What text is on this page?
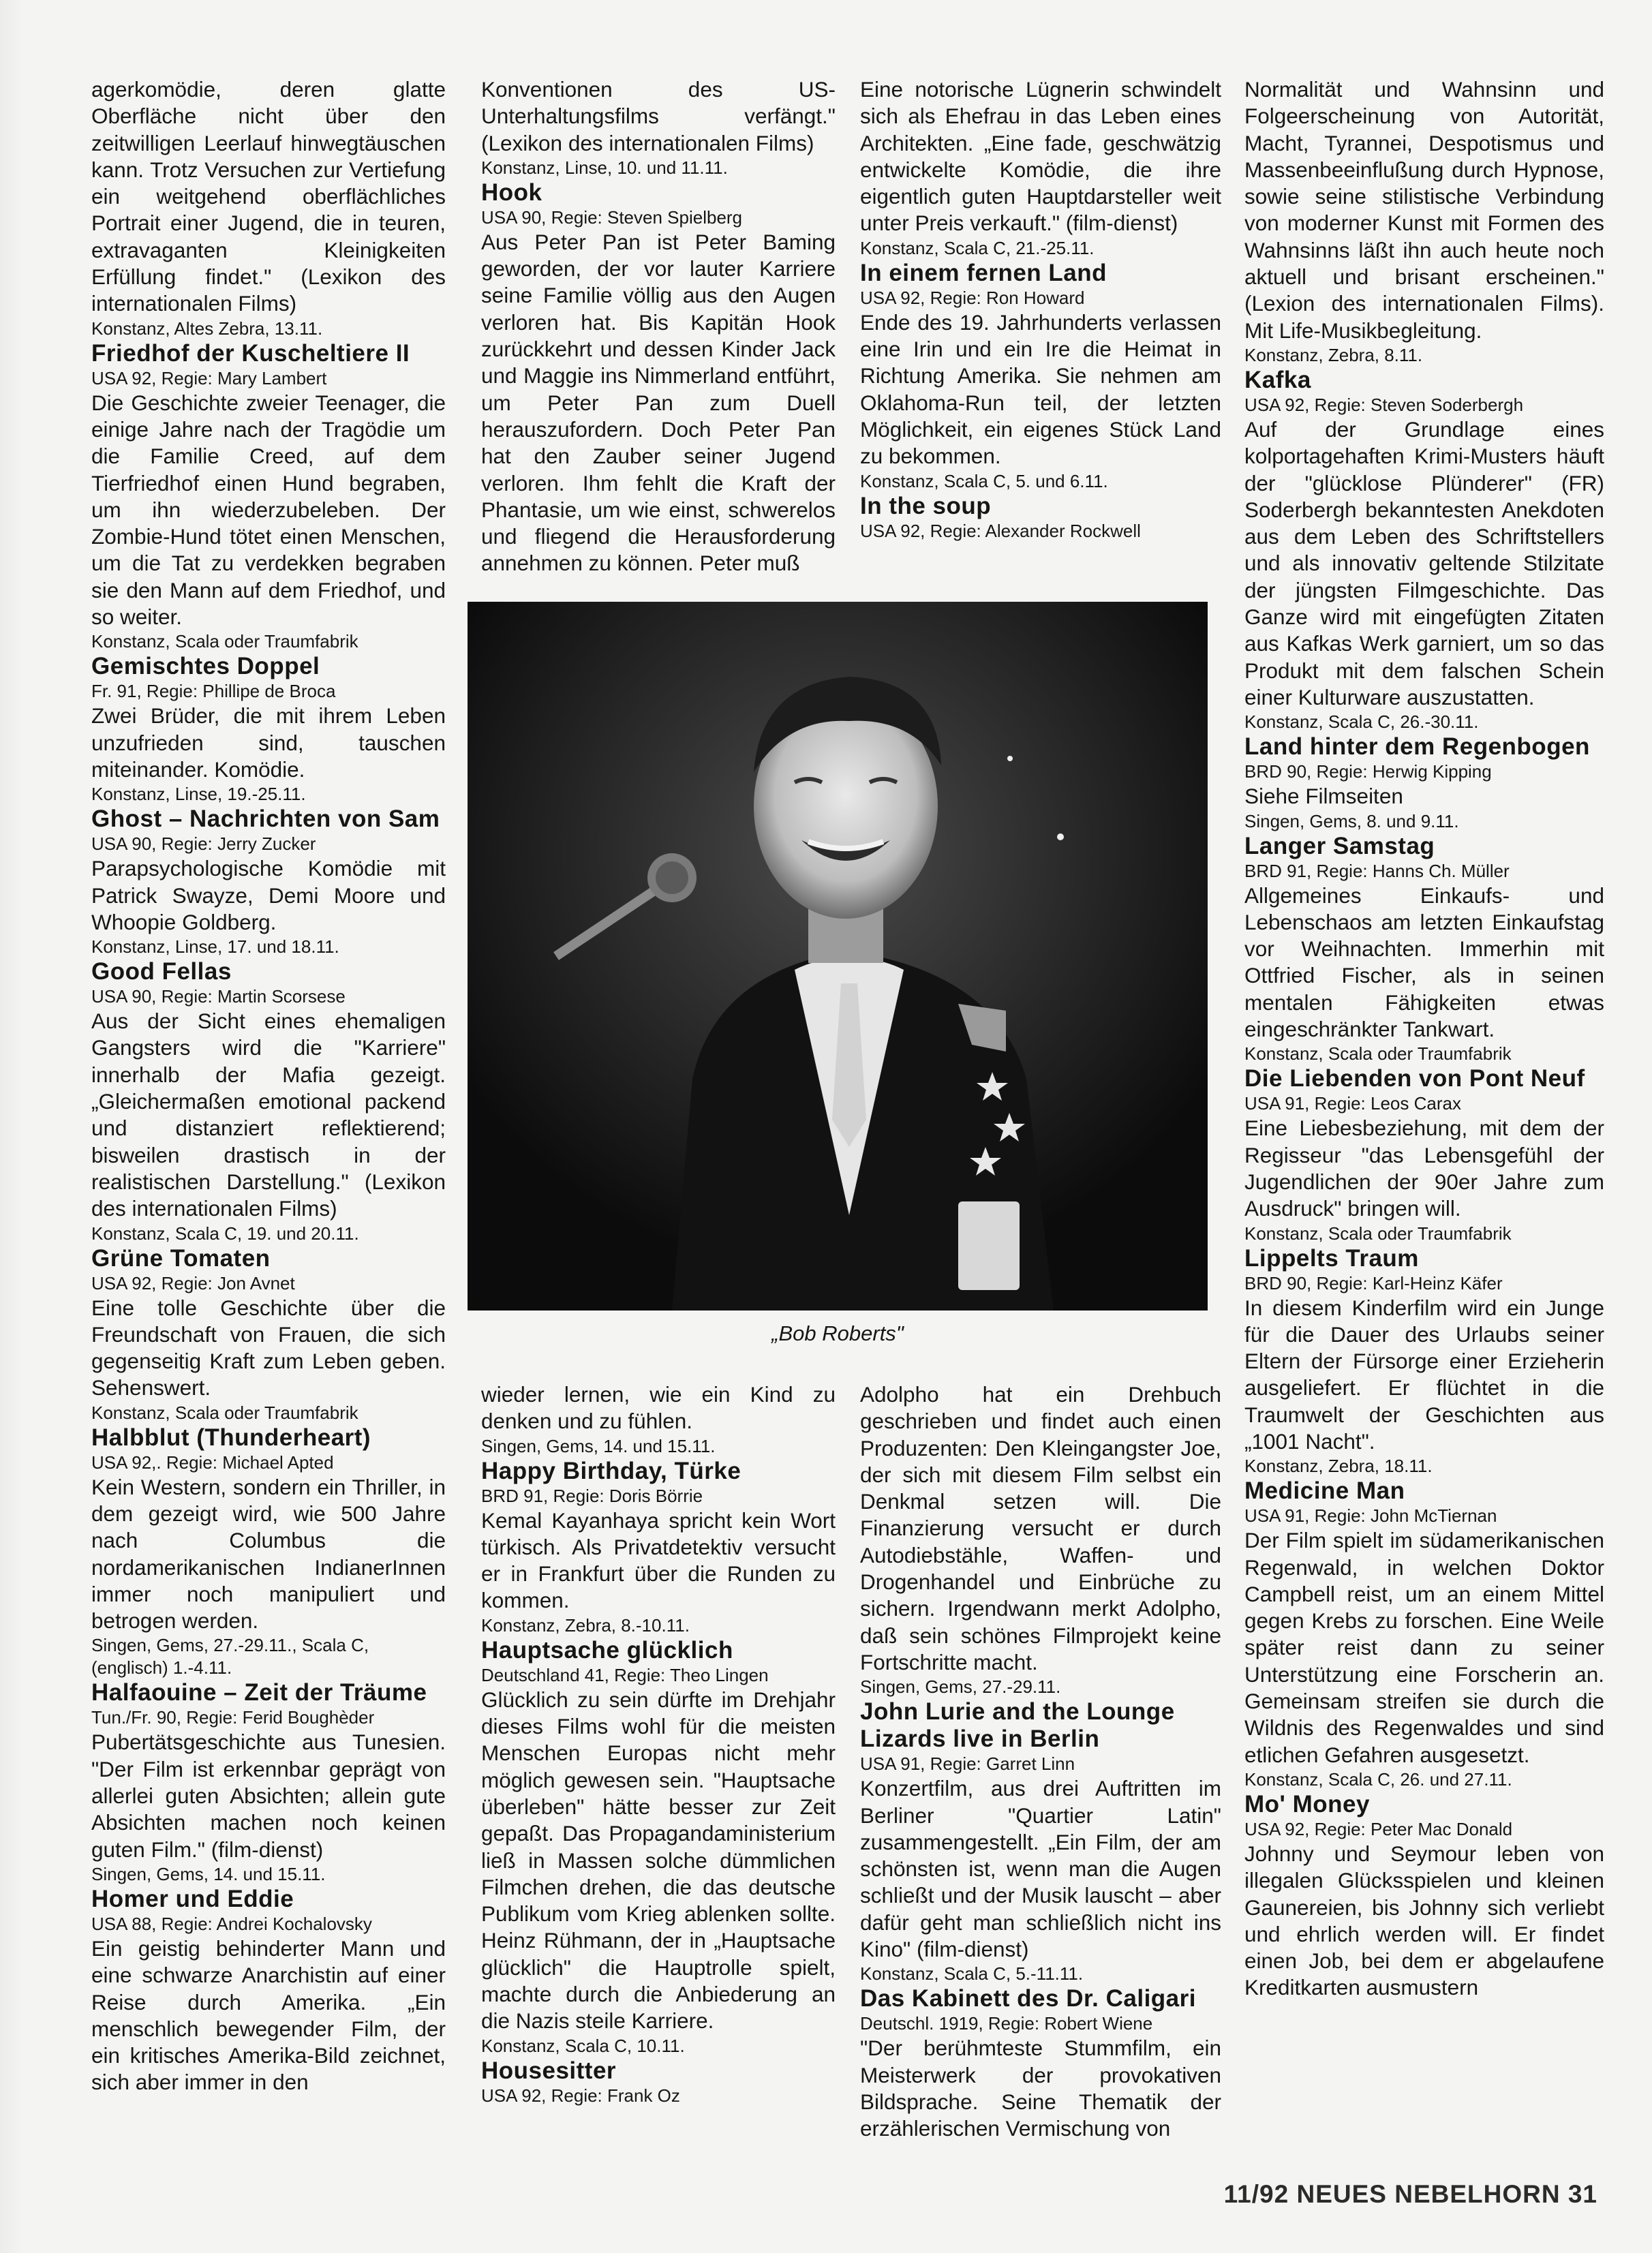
agerkomödie, deren glatte Oberfläche nicht über den zeitwilligen Leerlauf hinwegtäuschen kann. Trotz Versuchen zur Vertiefung ein weitgehend oberflächliches Portrait einer Jugend, die in teuren, extravaganten Kleinigkeiten Erfüllung findet." (Lexikon des internationalen Films)

Konstanz, Altes Zebra, 13.11.
Friedhof der Kuscheltiere II
USA 92, Regie: Mary Lambert

Die Geschichte zweier Teenager, die einige Jahre nach der Tragödie um die Familie Creed, auf dem Tierfriedhof einen Hund begraben, um ihn wiederzubeleben. Der Zombie-Hund tötet einen Menschen, um die Tat zu verdekken begraben sie den Mann auf dem Friedhof, und so weiter.

Konstanz, Scala oder Traumfabrik
Gemischtes Doppel
Fr. 91, Regie: Phillipe de Broca

Zwei Brüder, die mit ihrem Leben unzufrieden sind, tauschen miteinander. Komödie.

Konstanz, Linse, 19.-25.11.
Ghost – Nachrichten von Sam
USA 90, Regie: Jerry Zucker

Parapsychologische Komödie mit Patrick Swayze, Demi Moore und Whoopie Goldberg.

Konstanz, Linse, 17. und 18.11.
Good Fellas
USA 90, Regie: Martin Scorsese

Aus der Sicht eines ehemaligen Gangsters wird die "Karriere" innerhalb der Mafia gezeigt. „Gleichermaßen emotional packend und distanziert reflektierend; bisweilen drastisch in der realistischen Darstellung." (Lexikon des internationalen Films)

Konstanz, Scala C, 19. und 20.11.
Grüne Tomaten
USA 92, Regie: Jon Avnet

Eine tolle Geschichte über die Freundschaft von Frauen, die sich gegenseitig Kraft zum Leben geben. Sehenswert.

Konstanz, Scala oder Traumfabrik
Halbblut (Thunderheart)
USA 92,. Regie: Michael Apted

Kein Western, sondern ein Thriller, in dem gezeigt wird, wie 500 Jahre nach Columbus die nordamerikanischen IndianerInnen immer noch manipuliert und betrogen werden.

Singen, Gems, 27.-29.11., Scala C, (englisch) 1.-4.11.
Halfaouine – Zeit der Träume
Tun./Fr. 90, Regie: Ferid Boughèder

Pubertätsgeschichte aus Tunesien. "Der Film ist erkennbar geprägt von allerlei guten Absichten; allein gute Absichten machen noch keinen guten Film." (film-dienst)

Singen, Gems, 14. und 15.11.
Homer und Eddie
USA 88, Regie: Andrei Kochalovsky

Ein geistig behinderter Mann und eine schwarze Anarchistin auf einer Reise durch Amerika. „Ein menschlich bewegender Film, der ein kritisches Amerika-Bild zeichnet, sich aber immer in den

Konventionen des US-Unterhaltungsfilms verfängt." (Lexikon des internationalen Films)

Konstanz, Linse, 10. und 11.11.
Hook
USA 90, Regie: Steven Spielberg

Aus Peter Pan ist Peter Baming geworden, der vor lauter Karriere seine Familie völlig aus den Augen verloren hat. Bis Kapitän Hook zurückkehrt und dessen Kinder Jack und Maggie ins Nimmerland entführt, um Peter Pan zum Duell herauszufordern. Doch Peter Pan hat den Zauber seiner Jugend verloren. Ihm fehlt die Kraft der Phantasie, um wie einst, schwerelos und fliegend die Herausforderung annehmen zu können. Peter muß

Eine notorische Lügnerin schwindelt sich als Ehefrau in das Leben eines Architekten. „Eine fade, geschwätzig entwickelte Komödie, die ihre eigentlich guten Hauptdarsteller weit unter Preis verkauft." (film-dienst)

Konstanz, Scala C, 21.-25.11.
In einem fernen Land
USA 92, Regie: Ron Howard

Ende des 19. Jahrhunderts verlassen eine Irin und ein Ire die Heimat in Richtung Amerika. Sie nehmen am Oklahoma-Run teil, der letzten Möglichkeit, ein eigenes Stück Land zu bekommen.

Konstanz, Scala C, 5. und 6.11.
In the soup
USA 92, Regie: Alexander Rockwell

Normalität und Wahnsinn und Folgeerscheinung von Autorität, Macht, Tyrannei, Despotismus und Massenbeeinflußung durch Hypnose, sowie seine stilistische Verbindung von moderner Kunst mit Formen des Wahnsinns läßt ihn auch heute noch aktuell und brisant erscheinen." (Lexion des internationalen Films). Mit Life-Musikbegleitung.

Konstanz, Zebra, 8.11.
Kafka
USA 92, Regie: Steven Soderbergh

Auf der Grundlage eines kolportagehaften Krimi-Musters häuft der "glücklose Plünderer" (FR) Soderbergh bekanntesten Anekdoten aus dem Leben des Schriftstellers und als innovativ geltende Stilzitate der jüngsten Filmgeschichte. Das Ganze wird mit eingefügten Zitaten aus Kafkas Werk garniert, um so das Produkt mit dem falschen Schein einer Kulturware auszustatten.

Konstanz, Scala C, 26.-30.11.
Land hinter dem Regenbogen
BRD 90, Regie: Herwig Kipping

Siehe Filmseiten

Singen, Gems, 8. und 9.11.
Langer Samstag
BRD 91, Regie: Hanns Ch. Müller

Allgemeines Einkaufs- und Lebenschaos am letzten Einkaufstag vor Weihnachten. Immerhin mit Ottfried Fischer, als in seinen mentalen Fähigkeiten etwas eingeschränkter Tankwart.

Konstanz, Scala oder Traumfabrik
Die Liebenden von Pont Neuf
USA 91, Regie: Leos Carax

Eine Liebesbeziehung, mit dem der Regisseur "das Lebensgefühl der Jugendlichen der 90er Jahre zum Ausdruck" bringen will.

Konstanz, Scala oder Traumfabrik
Lippelts Traum
BRD 90, Regie: Karl-Heinz Käfer

In diesem Kinderfilm wird ein Junge für die Dauer des Urlaubs seiner Eltern der Fürsorge einer Erzieherin ausgeliefert. Er flüchtet in die Traumwelt der Geschichten aus „1001 Nacht".

Konstanz, Zebra, 18.11.
Medicine Man
USA 91, Regie: John McTiernan

Der Film spielt im südamerikanischen Regenwald, in welchen Doktor Campbell reist, um an einem Mittel gegen Krebs zu forschen. Eine Weile später reist dann zu seiner Unterstützung eine Forscherin an. Gemeinsam streifen sie durch die Wildnis des Regenwaldes und sind etlichen Gefahren ausgesetzt.

Konstanz, Scala C, 26. und 27.11.
Mo' Money
USA 92, Regie: Peter Mac Donald

Johnny und Seymour leben von illegalen Glücksspielen und kleinen Gaunereien, bis Johnny sich verliebt und ehrlich werden will. Er findet einen Job, bei dem er abgelaufene Kreditkarten ausmustern

„Bob Roberts"

wieder lernen, wie ein Kind zu denken und zu fühlen.

Singen, Gems, 14. und 15.11.
Happy Birthday, Türke
BRD 91, Regie: Doris Börrie

Kemal Kayanhaya spricht kein Wort türkisch. Als Privatdetektiv versucht er in Frankfurt über die Runden zu kommen.

Konstanz, Zebra, 8.-10.11.
Hauptsache glücklich
Deutschland 41, Regie: Theo Lingen

Glücklich zu sein dürfte im Drehjahr dieses Films wohl für die meisten Menschen Europas nicht mehr möglich gewesen sein. "Hauptsache überleben" hätte besser zur Zeit gepaßt. Das Propagandaministerium ließ in Massen solche dümmlichen Filmchen drehen, die das deutsche Publikum vom Krieg ablenken sollte. Heinz Rühmann, der in „Hauptsache glücklich" die Hauptrolle spielt, machte durch die Anbiederung an die Nazis steile Karriere.

Konstanz, Scala C, 10.11.
Housesitter
USA 92, Regie: Frank Oz

Adolpho hat ein Drehbuch geschrieben und findet auch einen Produzenten: Den Kleingangster Joe, der sich mit diesem Film selbst ein Denkmal setzen will. Die Finanzierung versucht er durch Autodiebstähle, Waffen- und Drogenhandel und Einbrüche zu sichern. Irgendwann merkt Adolpho, daß sein schönes Filmprojekt keine Fortschritte macht.

Singen, Gems, 27.-29.11.
John Lurie and the Lounge Lizards live in Berlin
USA 91, Regie: Garret Linn

Konzertfilm, aus drei Auftritten im Berliner "Quartier Latin" zusammengestellt. „Ein Film, der am schönsten ist, wenn man die Augen schließt und der Musik lauscht – aber dafür geht man schließlich nicht ins Kino" (film-dienst)

Konstanz, Scala C, 5.-11.11.
Das Kabinett des Dr. Caligari
Deutschl. 1919, Regie: Robert Wiene

"Der berühmteste Stummfilm, ein Meisterwerk der provokativen Bildsprache. Seine Thematik der erzählerischen Vermischung von

11/92 NEUES NEBELHORN 31
